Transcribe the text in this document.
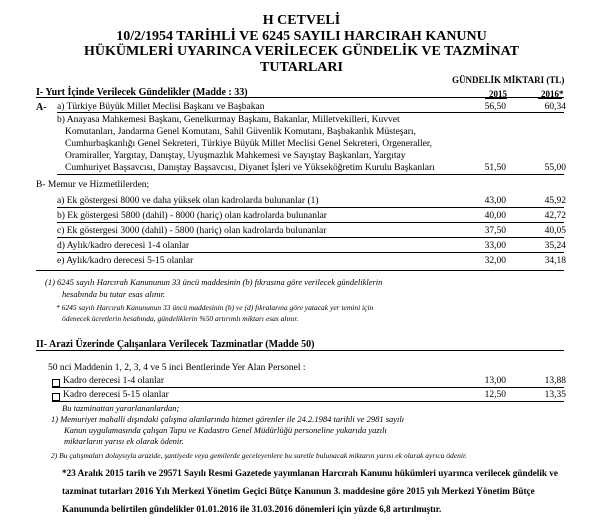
H CETVELİ
10/2/1954 TARİHLİ VE 6245 SAYILI HARCIRAH KANUNU
HÜKÜMLERİ UYARINCA VERİLECEK GÜNDELİK VE TAZMİNAT
TUTARLARI
GÜNDELİK MİKTARI (TL)
2015	2016*
I- Yurt İçinde Verilecek Gündelikler (Madde : 33)
A- a) Türkiye Büyük Millet Meclisi Başkanı ve Başbakan	56,50	60,34
b) Anayasa Mahkemesi Başkanı, Genelkurmay Başkanı, Bakanlar, Milletvekilleri, Kuvvet
Komutanları, Jandarma Genel Komutanı, Sahil Güvenlik Komutanı, Başbakanlık Müsteşarı,
Cumhurbaşkanlığı Genel Sekreteri, Türkiye Büyük Millet Meclisi Genel Sekreteri, Orgeneraller,
Oramiraller, Yargıtay, Danıştay, Uyuşmazlık Mahkemesi ve Sayıştay Başkanları, Yargıtay
Cumhuriyet Başsavcısı, Danıştay Başsavcısı, Diyanet İşleri ve Yükseköğretim Kurulu Başkanları	51,50	55,00
B- Memur ve Hizmetlilerden;
a) Ek göstergesi 8000 ve daha yüksek olan kadrolarda bulunanlar (1)	43,00	45,92
b) Ek göstergesi 5800 (dahil) - 8000 (hariç) olan kadrolarda bulunanlar	40,00	42,72
c) Ek göstergesi 3000 (dahil) - 5800 (hariç) olan kadrolarda bulunanlar	37,50	40,05
d) Aylık/kadro derecesi 1-4 olanlar	33,00	35,24
e) Aylık/kadro derecesi 5-15 olanlar	32,00	34,18
(1) 6245 sayılı Harcırah Kanununun 33 üncü maddesinin (b) fıkrasına göre verilecek gündeliklerin
hesabında bu tutar esas alınır.
* 6245 sayılı Harcırah Kanununun 33 üncü maddesinin (b) ve (d) fıkralarına göre yatacak yer temini için
ödenecek ücretlerin hesabında, gündeliklerin %50 artırımlı miktarı esas alınır.
II- Arazi Üzerinde Çalışanlara Verilecek Tazminatlar (Madde 50)
50 nci Maddenin 1, 2, 3, 4 ve 5 inci Bentlerinde Yer Alan Personel :
Kadro derecesi 1-4 olanlar	13,00	13,88
Kadro derecesi 5-15 olanlar	12,50	13,35
Bu tazminattan yararlananlardan;
1) Memuriyet mahalli dışındaki çalışma alanlarında hizmet görenler ile 24.2.1984 tarihli ve 2981 sayılı
Kanun uygulamasında çalışan Tapu ve Kadastro Genel Müdürlüğü personeline yukarıda yazılı
miktarların yarısı ek olarak ödenir.
2) Bu çalışmaları dolaysıyla arazide, şantiyede veya gemilerde geceleyenlere bu suretle bulunacak miktarın yarısı ek olarak ayrıca ödenir.
*23 Aralık 2015 tarih ve 29571 Sayılı Resmi Gazetede yayımlanan Harcırah Kanunu hükümleri uyarınca verilecek gündelik ve
tazminat tutarları 2016 Yılı Merkezi Yönetim Geçici Bütçe Kanunun 3. maddesine göre 2015 yılı Merkezi Yönetim Bütçe
Kanununda belirtilen gündelikler 01.01.2016 ile 31.03.2016 dönemleri için yüzde 6,8 artırılmıştır.
